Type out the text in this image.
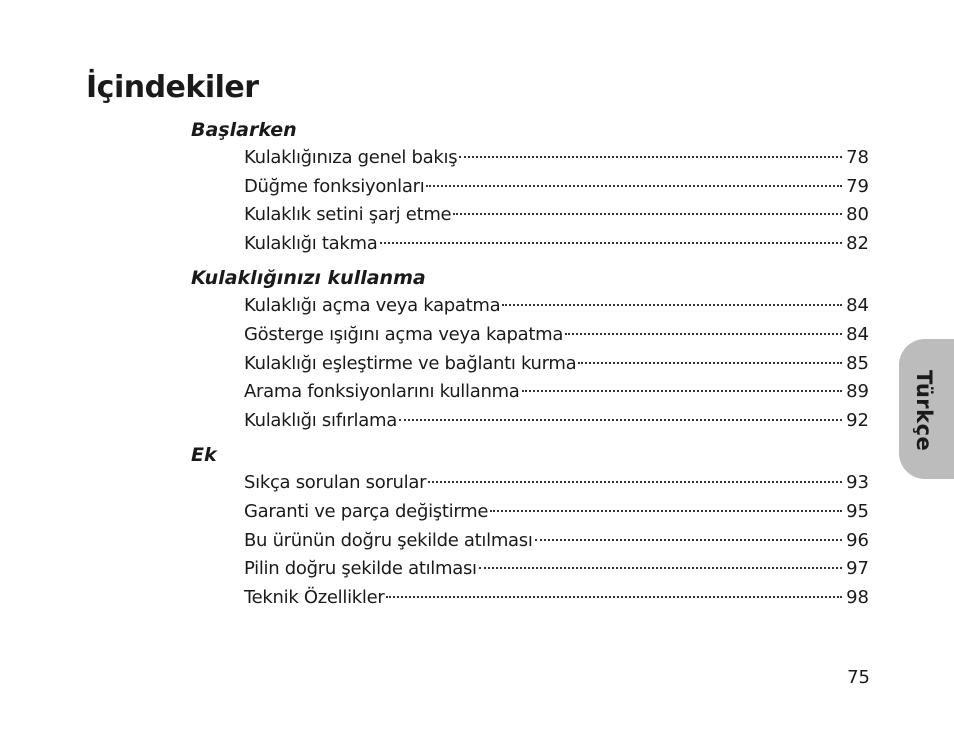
İçindekiler
Başlarken
Kulaklığınıza genel bakış	78
Düğme fonksiyonları	79
Kulaklık setini şarj etme	80
Kulaklığı takma	82
Kulaklığınızı kullanma
Kulaklığı açma veya kapatma	84
Gösterge ışığını açma veya kapatma	84
Kulaklığı eşleştirme ve bağlantı kurma	85
Arama fonksiyonlarını kullanma	89
Kulaklığı sıfırlama	92
Ek
Sıkça sorulan sorular	93
Garanti ve parça değiştirme	95
Bu ürünün doğru şekilde atılması	96
Pilin doğru şekilde atılması	97
Teknik Özellikler	98
Türkçe
75
